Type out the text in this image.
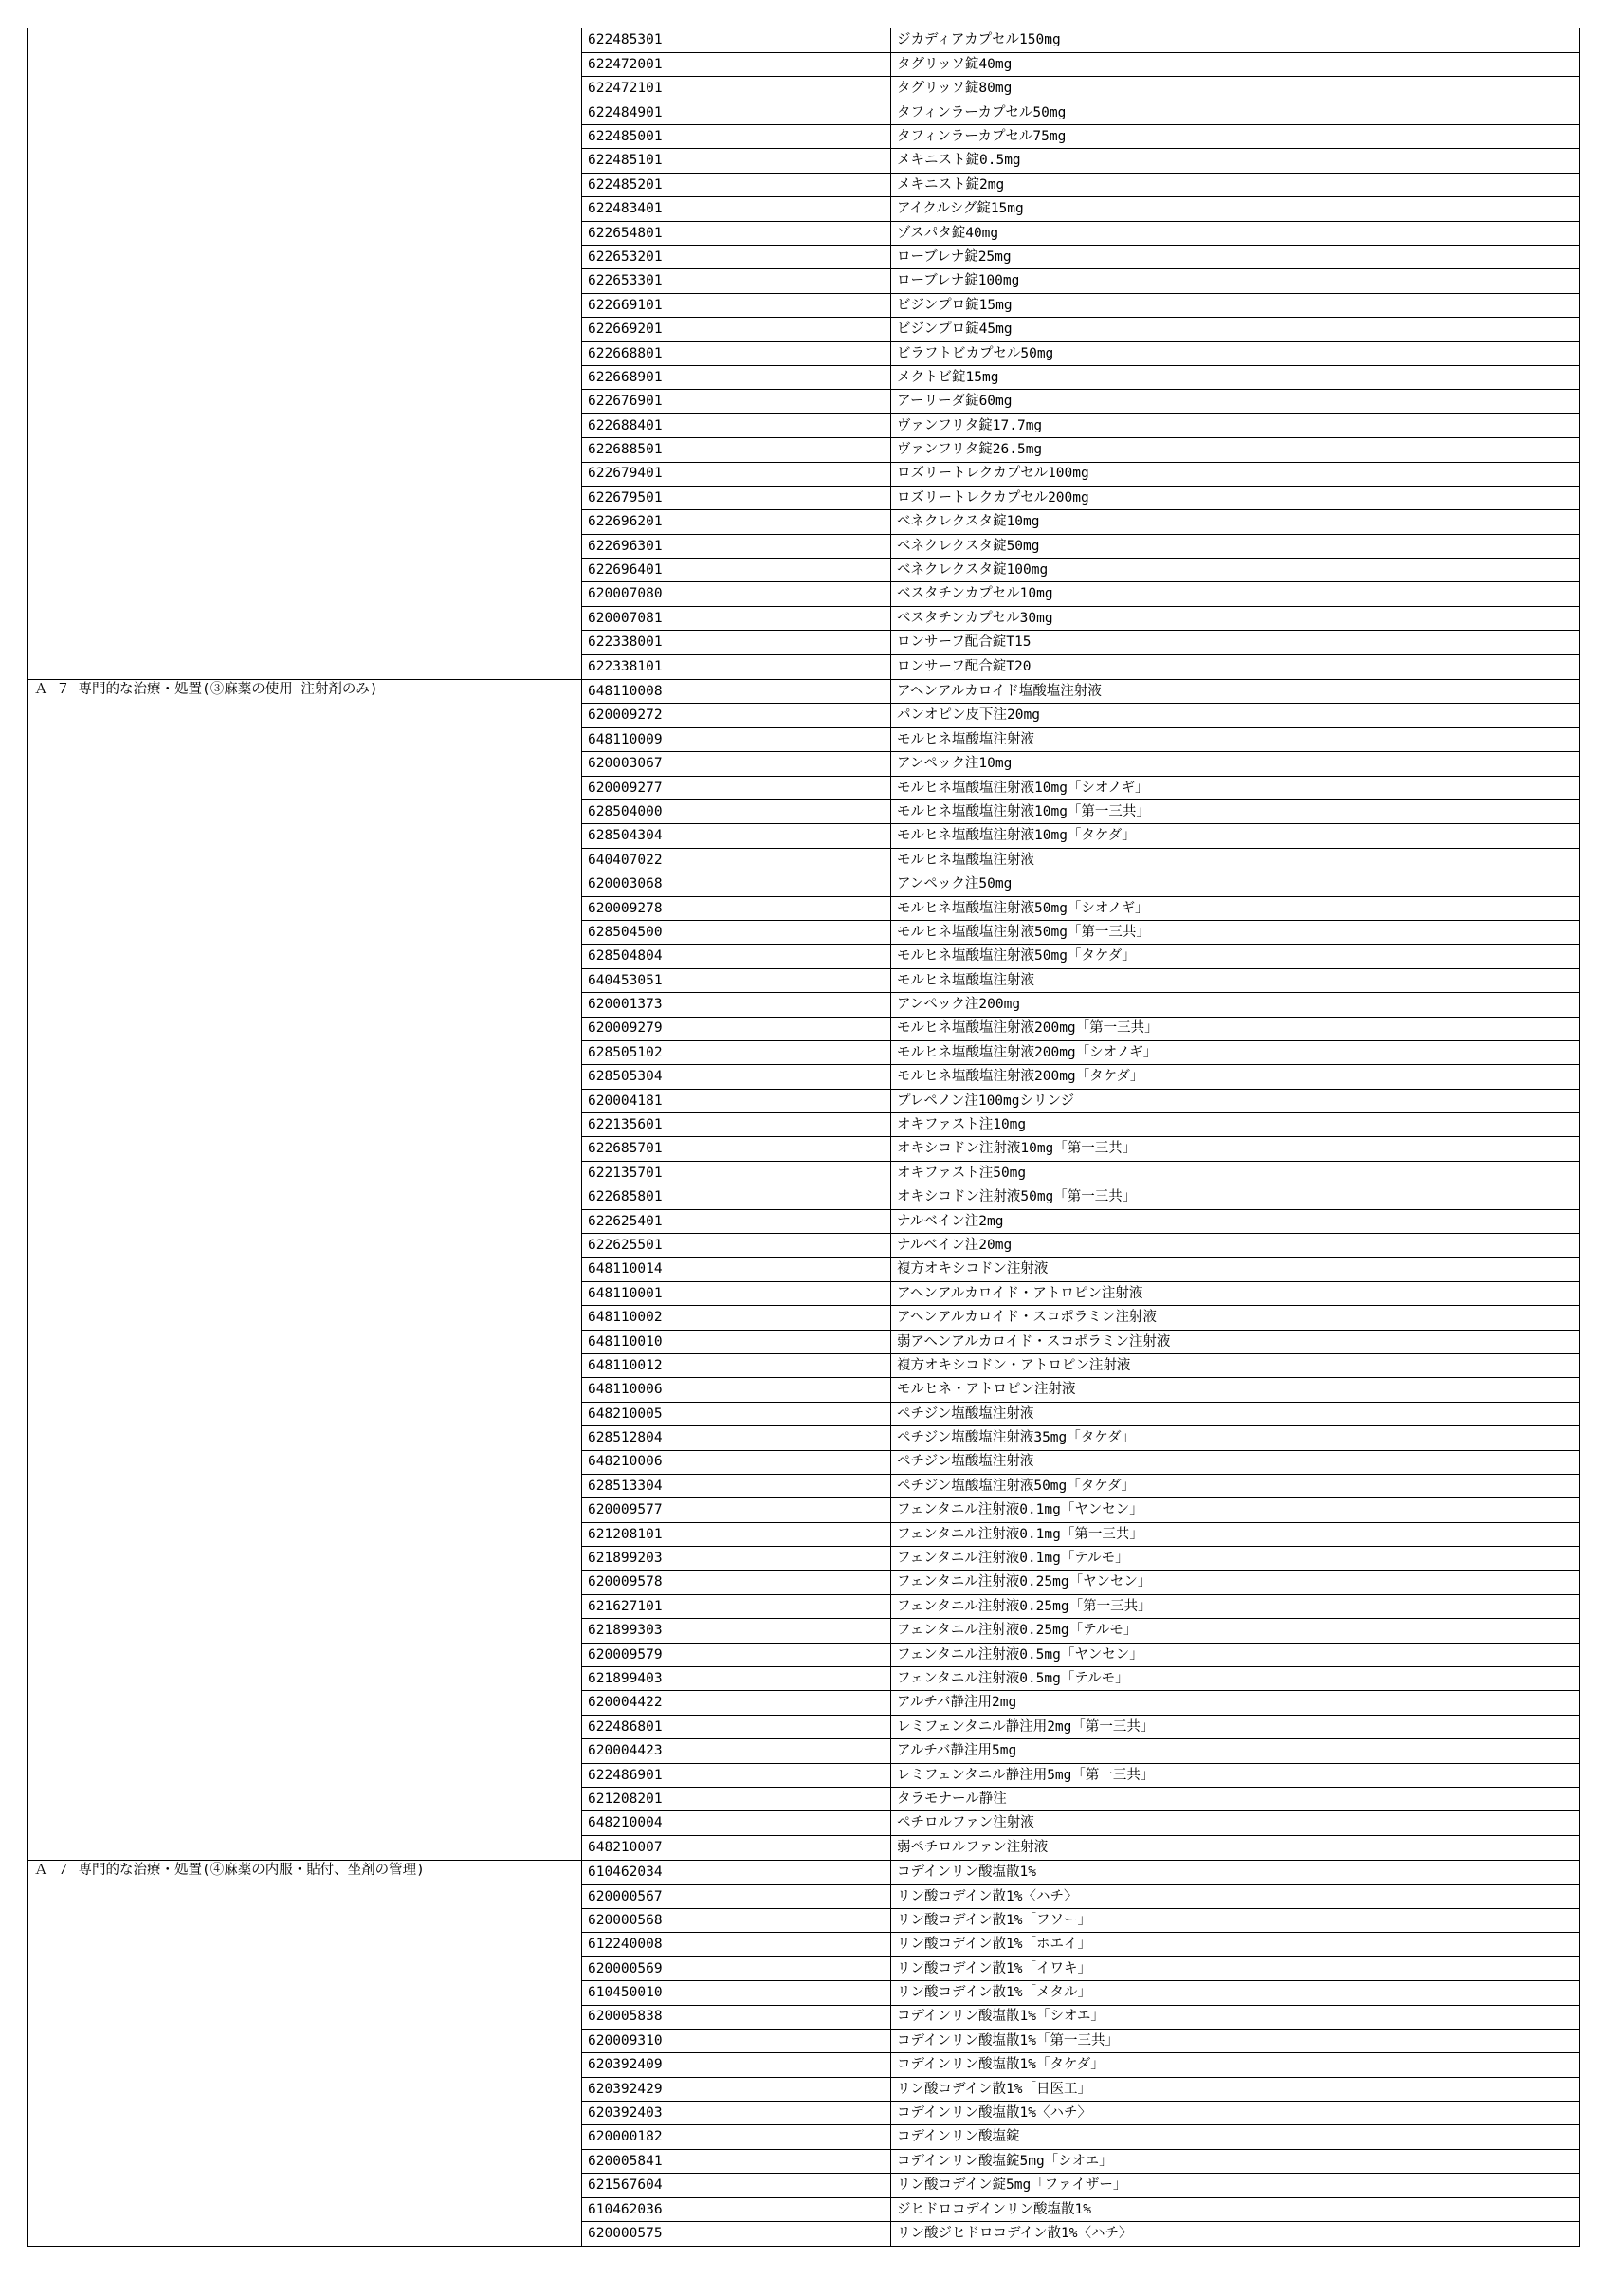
	622485301	ジカディアカプセル150mg
	622472001	タグリッソ錠40mg
	622472101	タグリッソ錠80mg
	622484901	タフィンラーカプセル50mg
	622485001	タフィンラーカプセル75mg
	622485101	メキニスト錠0.5mg
	622485201	メキニスト錠2mg
	622483401	アイクルシグ錠15mg
	622654801	ゾスパタ錠40mg
	622653201	ローブレナ錠25mg
	622653301	ローブレナ錠100mg
	622669101	ビジンプロ錠15mg
	622669201	ビジンプロ錠45mg
	622668801	ビラフトビカプセル50mg
	622668901	メクトビ錠15mg
	622676901	アーリーダ錠60mg
	622688401	ヴァンフリタ錠17.7mg
	622688501	ヴァンフリタ錠26.5mg
	622679401	ロズリートレクカプセル100mg
	622679501	ロズリートレクカプセル200mg
	622696201	ベネクレクスタ錠10mg
	622696301	ベネクレクスタ錠50mg
	622696401	ベネクレクスタ錠100mg
	620007080	ベスタチンカプセル10mg
	620007081	ベスタチンカプセル30mg
	622338001	ロンサーフ配合錠T15
	622338101	ロンサーフ配合錠T20
Ａ ７ 専門的な治療・処置(③麻薬の使用 注射剤のみ)	648110008	アヘンアルカロイド塩酸塩注射液
	620009272	パンオピン皮下注20mg
	648110009	モルヒネ塩酸塩注射液
	620003067	アンペック注10mg
	620009277	モルヒネ塩酸塩注射液10mg「シオノギ」
	628504000	モルヒネ塩酸塩注射液10mg「第一三共」
	628504304	モルヒネ塩酸塩注射液10mg「タケダ」
	640407022	モルヒネ塩酸塩注射液
	620003068	アンペック注50mg
	620009278	モルヒネ塩酸塩注射液50mg「シオノギ」
	628504500	モルヒネ塩酸塩注射液50mg「第一三共」
	628504804	モルヒネ塩酸塩注射液50mg「タケダ」
	640453051	モルヒネ塩酸塩注射液
	620001373	アンペック注200mg
	620009279	モルヒネ塩酸塩注射液200mg「第一三共」
	628505102	モルヒネ塩酸塩注射液200mg「シオノギ」
	628505304	モルヒネ塩酸塩注射液200mg「タケダ」
	620004181	プレペノン注100mgシリンジ
	622135601	オキファスト注10mg
	622685701	オキシコドン注射液10mg「第一三共」
	622135701	オキファスト注50mg
	622685801	オキシコドン注射液50mg「第一三共」
	622625401	ナルベイン注2mg
	622625501	ナルベイン注20mg
	648110014	複方オキシコドン注射液
	648110001	アヘンアルカロイド・アトロピン注射液
	648110002	アヘンアルカロイド・スコポラミン注射液
	648110010	弱アヘンアルカロイド・スコポラミン注射液
	648110012	複方オキシコドン・アトロピン注射液
	648110006	モルヒネ・アトロピン注射液
	648210005	ペチジン塩酸塩注射液
	628512804	ペチジン塩酸塩注射液35mg「タケダ」
	648210006	ペチジン塩酸塩注射液
	628513304	ペチジン塩酸塩注射液50mg「タケダ」
	620009577	フェンタニル注射液0.1mg「ヤンセン」
	621208101	フェンタニル注射液0.1mg「第一三共」
	621899203	フェンタニル注射液0.1mg「テルモ」
	620009578	フェンタニル注射液0.25mg「ヤンセン」
	621627101	フェンタニル注射液0.25mg「第一三共」
	621899303	フェンタニル注射液0.25mg「テルモ」
	620009579	フェンタニル注射液0.5mg「ヤンセン」
	621899403	フェンタニル注射液0.5mg「テルモ」
	620004422	アルチバ静注用2mg
	622486801	レミフェンタニル静注用2mg「第一三共」
	620004423	アルチバ静注用5mg
	622486901	レミフェンタニル静注用5mg「第一三共」
	621208201	タラモナール静注
	648210004	ペチロルファン注射液
	648210007	弱ペチロルファン注射液
Ａ ７ 専門的な治療・処置(④麻薬の内服・貼付、坐剤の管理)	610462034	コデインリン酸塩散1%
	620000567	リン酸コデイン散1%〈ハチ〉
	620000568	リン酸コデイン散1%「フソー」
	612240008	リン酸コデイン散1%「ホエイ」
	620000569	リン酸コデイン散1%「イワキ」
	610450010	リン酸コデイン散1%「メタル」
	620005838	コデインリン酸塩散1%「シオエ」
	620009310	コデインリン酸塩散1%「第一三共」
	620392409	コデインリン酸塩散1%「タケダ」
	620392429	リン酸コデイン散1%「日医工」
	620392403	コデインリン酸塩散1%〈ハチ〉
	620000182	コデインリン酸塩錠
	620005841	コデインリン酸塩錠5mg「シオエ」
	621567604	リン酸コデイン錠5mg「ファイザー」
	610462036	ジヒドロコデインリン酸塩散1%
	620000575	リン酸ジヒドロコデイン散1%〈ハチ〉
